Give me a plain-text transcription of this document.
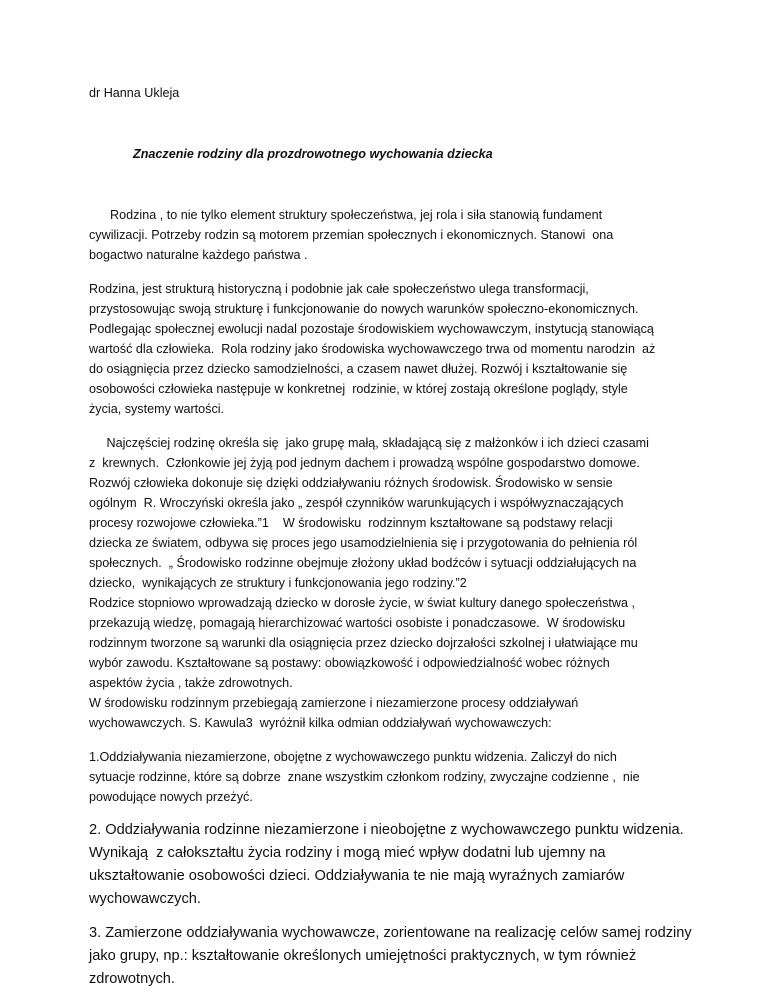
dr Hanna Ukleja
Znaczenie rodziny dla prozdrowotnego wychowania dziecka
Rodzina , to nie tylko element struktury społeczeństwa, jej rola i siła stanowią fundament
cywilizacji. Potrzeby rodzin są motorem przemian społecznych i ekonomicznych. Stanowi  ona
bogactwo naturalne każdego państwa .
Rodzina, jest strukturą historyczną i podobnie jak całe społeczeństwo ulega transformacji,
przystosowując swoją strukturę i funkcjonowanie do nowych warunków społeczno-ekonomicznych.
Podlegając społecznej ewolucji nadal pozostaje środowiskiem wychowawczym, instytucją stanowiącą
wartość dla człowieka.  Rola rodziny jako środowiska wychowawczego trwa od momentu narodzin  aż
do osiągnięcia przez dziecko samodzielności, a czasem nawet dłużej. Rozwój i kształtowanie się
osobowości człowieka następuje w konkretnej  rodzinie, w której zostają określone poglądy, style
życia, systemy wartości.
Najczęściej rodzinę określa się  jako grupę małą, składającą się z małżonków i ich dzieci czasami
z  krewnych.  Członkowie jej żyją pod jednym dachem i prowadzą wspólne gospodarstwo domowe.
Rozwój człowieka dokonuje się dzięki oddziaływaniu różnych środowisk. Środowisko w sensie
ogólnym  R. Wroczyński określa jako „ zespół czynników warunkujących i współwyznaczających
procesy rozwojowe człowieka.”1    W środowisku  rodzinnym kształtowane są podstawy relacji
dziecka ze światem, odbywa się proces jego usamodzielnienia się i przygotowania do pełnienia ról
społecznych.  „ Środowisko rodzinne obejmuje złożony układ bodźców i sytuacji oddziałujących na
dziecko,  wynikających ze struktury i funkcjonowania jego rodziny.”2
Rodzice stopniowo wprowadzają dziecko w dorosłe życie, w świat kultury danego społeczeństwa ,
przekazują wiedzę, pomagają hierarchizować wartości osobiste i ponadczasowe.  W środowisku
rodzinnym tworzone są warunki dla osiągnięcia przez dziecko dojrzałości szkolnej i ułatwiające mu
wybór zawodu. Kształtowane są postawy: obowiązkowość i odpowiedzialność wobec różnych
aspektów życia , także zdrowotnych.
W środowisku rodzinnym przebiegają zamierzone i niezamierzone procesy oddziaływań
wychowawczych. S. Kawula3  wyróżnił kilka odmian oddziaływań wychowawczych:
1.Oddziaływania niezamierzone, obojętne z wychowawczego punktu widzenia. Zaliczył do nich
sytuacje rodzinne, które są dobrze  znane wszystkim członkom rodziny, zwyczajne codzienne ,  nie
powodujące nowych przeżyć.
2. Oddziaływania rodzinne niezamierzone i nieobojętne z wychowawczego punktu widzenia.
Wynikają  z całokształtu życia rodziny i mogą mieć wpływ dodatni lub ujemny na
ukształtowanie osobowości dzieci. Oddziaływania te nie mają wyraźnych zamiarów
wychowawczych.
3. Zamierzone oddziaływania wychowawcze, zorientowane na realizację celów samej rodziny
jako grupy, np.: kształtowanie określonych umiejętności praktycznych, w tym również
zdrowotnych.
